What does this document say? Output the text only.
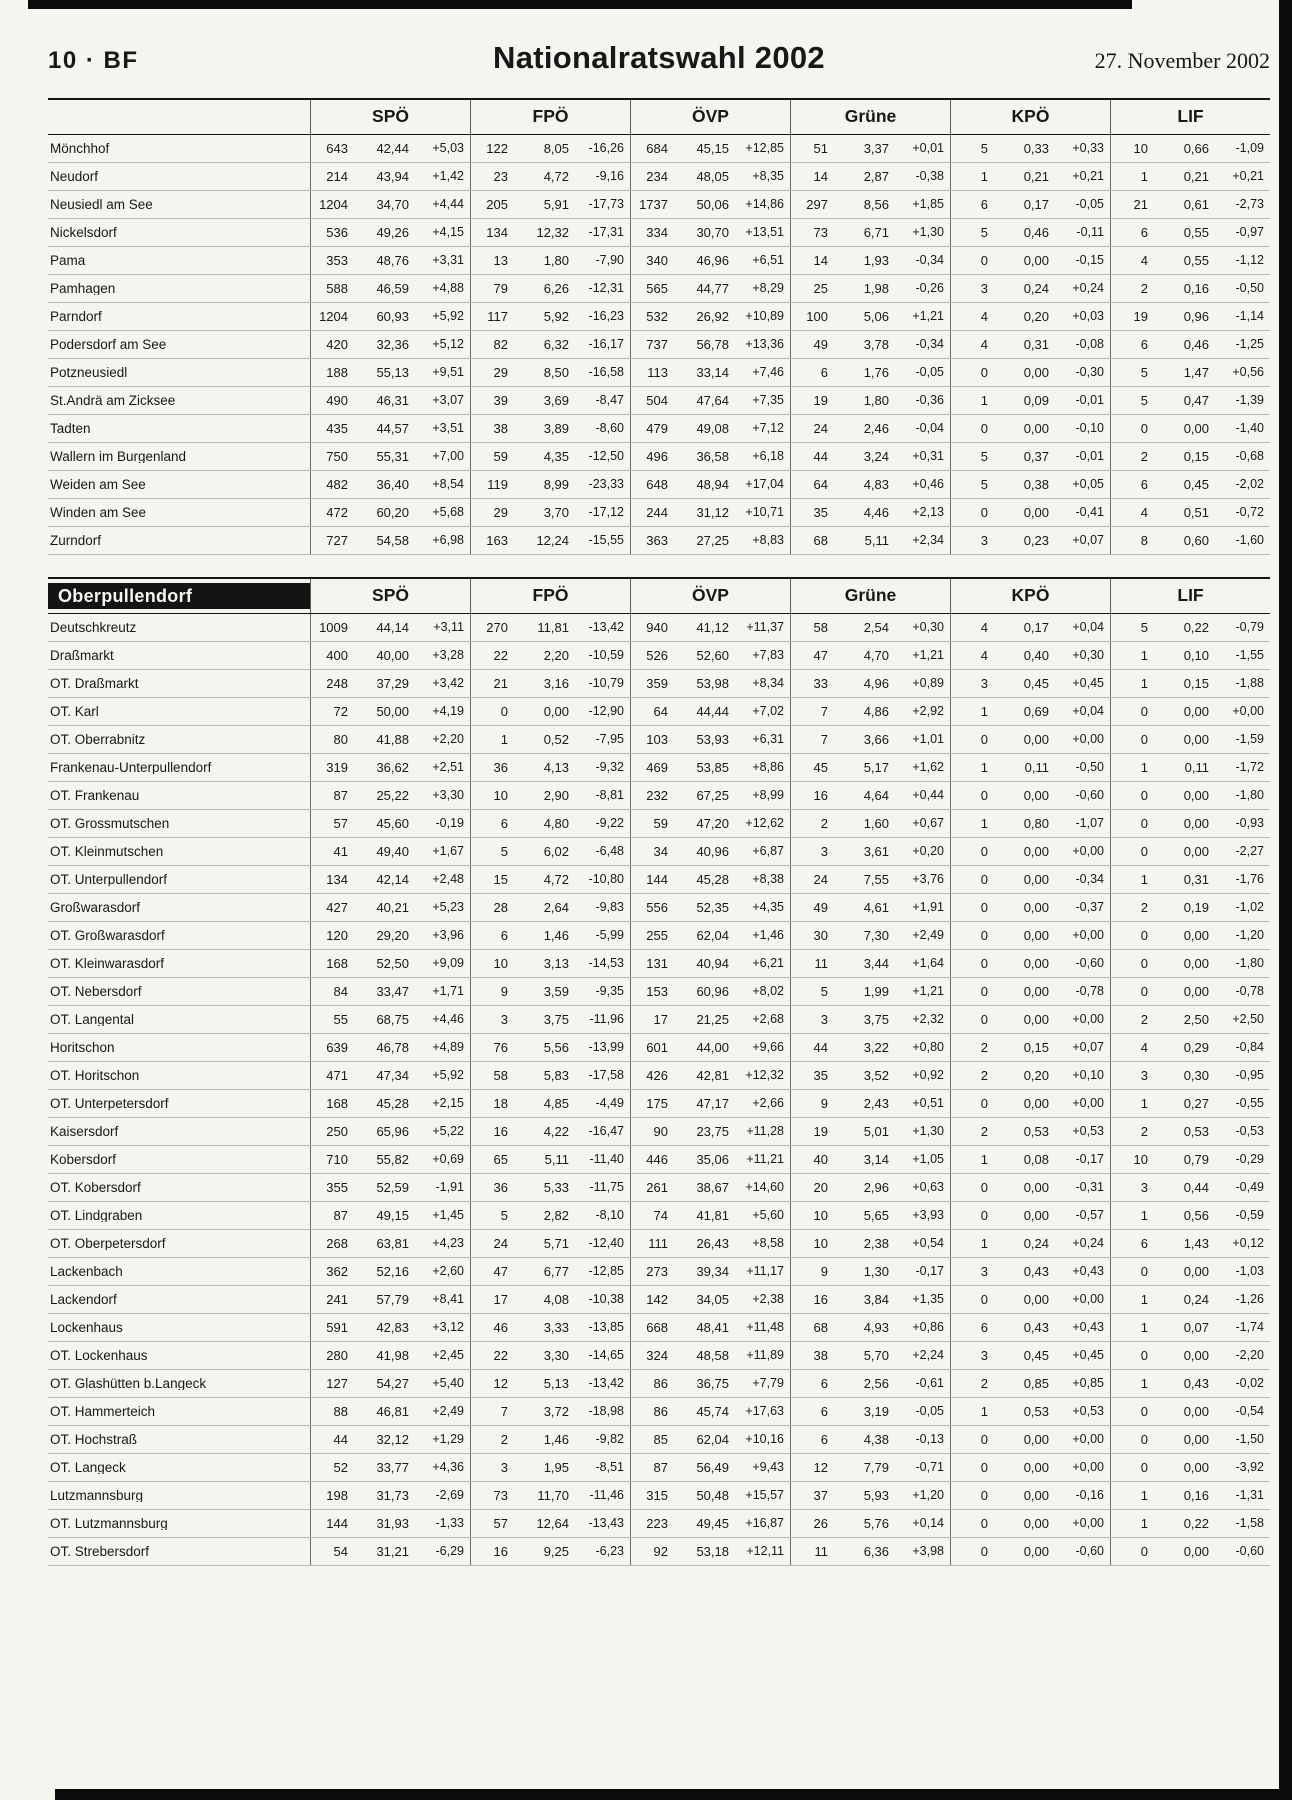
10 · BF	Nationalratswahl 2002	27. November 2002
SPÖ	FPÖ	ÖVP	Grüne	KPÖ	LIF
Mönchhof	643	42,44	+5,03	122	8,05	-16,26	684	45,15	+12,85	51	3,37	+0,01	5	0,33	+0,33	10	0,66	-1,09
Neudorf	214	43,94	+1,42	23	4,72	-9,16	234	48,05	+8,35	14	2,87	-0,38	1	0,21	+0,21	1	0,21	+0,21
Neusiedl am See	1204	34,70	+4,44	205	5,91	-17,73	1737	50,06	+14,86	297	8,56	+1,85	6	0,17	-0,05	21	0,61	-2,73
Nickelsdorf	536	49,26	+4,15	134	12,32	-17,31	334	30,70	+13,51	73	6,71	+1,30	5	0,46	-0,11	6	0,55	-0,97
Pama	353	48,76	+3,31	13	1,80	-7,90	340	46,96	+6,51	14	1,93	-0,34	0	0,00	-0,15	4	0,55	-1,12
Pamhagen	588	46,59	+4,88	79	6,26	-12,31	565	44,77	+8,29	25	1,98	-0,26	3	0,24	+0,24	2	0,16	-0,50
Parndorf	1204	60,93	+5,92	117	5,92	-16,23	532	26,92	+10,89	100	5,06	+1,21	4	0,20	+0,03	19	0,96	-1,14
Podersdorf am See	420	32,36	+5,12	82	6,32	-16,17	737	56,78	+13,36	49	3,78	-0,34	4	0,31	-0,08	6	0,46	-1,25
Potzneusiedl	188	55,13	+9,51	29	8,50	-16,58	113	33,14	+7,46	6	1,76	-0,05	0	0,00	-0,30	5	1,47	+0,56
St.Andrä am Zicksee	490	46,31	+3,07	39	3,69	-8,47	504	47,64	+7,35	19	1,80	-0,36	1	0,09	-0,01	5	0,47	-1,39
Tadten	435	44,57	+3,51	38	3,89	-8,60	479	49,08	+7,12	24	2,46	-0,04	0	0,00	-0,10	0	0,00	-1,40
Wallern im Burgenland	750	55,31	+7,00	59	4,35	-12,50	496	36,58	+6,18	44	3,24	+0,31	5	0,37	-0,01	2	0,15	-0,68
Weiden am See	482	36,40	+8,54	119	8,99	-23,33	648	48,94	+17,04	64	4,83	+0,46	5	0,38	+0,05	6	0,45	-2,02
Winden am See	472	60,20	+5,68	29	3,70	-17,12	244	31,12	+10,71	35	4,46	+2,13	0	0,00	-0,41	4	0,51	-0,72
Zurndorf	727	54,58	+6,98	163	12,24	-15,55	363	27,25	+8,83	68	5,11	+2,34	3	0,23	+0,07	8	0,60	-1,60
Oberpullendorf	SPÖ	FPÖ	ÖVP	Grüne	KPÖ	LIF
Deutschkreutz	1009	44,14	+3,11	270	11,81	-13,42	940	41,12	+11,37	58	2,54	+0,30	4	0,17	+0,04	5	0,22	-0,79
Draßmarkt	400	40,00	+3,28	22	2,20	-10,59	526	52,60	+7,83	47	4,70	+1,21	4	0,40	+0,30	1	0,10	-1,55
OT. Draßmarkt	248	37,29	+3,42	21	3,16	-10,79	359	53,98	+8,34	33	4,96	+0,89	3	0,45	+0,45	1	0,15	-1,88
OT. Karl	72	50,00	+4,19	0	0,00	-12,90	64	44,44	+7,02	7	4,86	+2,92	1	0,69	+0,04	0	0,00	+0,00
OT. Oberrabnitz	80	41,88	+2,20	1	0,52	-7,95	103	53,93	+6,31	7	3,66	+1,01	0	0,00	+0,00	0	0,00	-1,59
Frankenau-Unterpullendorf	319	36,62	+2,51	36	4,13	-9,32	469	53,85	+8,86	45	5,17	+1,62	1	0,11	-0,50	1	0,11	-1,72
OT. Frankenau	87	25,22	+3,30	10	2,90	-8,81	232	67,25	+8,99	16	4,64	+0,44	0	0,00	-0,60	0	0,00	-1,80
OT. Grossmutschen	57	45,60	-0,19	6	4,80	-9,22	59	47,20	+12,62	2	1,60	+0,67	1	0,80	-1,07	0	0,00	-0,93
OT. Kleinmutschen	41	49,40	+1,67	5	6,02	-6,48	34	40,96	+6,87	3	3,61	+0,20	0	0,00	+0,00	0	0,00	-2,27
OT. Unterpullendorf	134	42,14	+2,48	15	4,72	-10,80	144	45,28	+8,38	24	7,55	+3,76	0	0,00	-0,34	1	0,31	-1,76
Großwarasdorf	427	40,21	+5,23	28	2,64	-9,83	556	52,35	+4,35	49	4,61	+1,91	0	0,00	-0,37	2	0,19	-1,02
OT. Großwarasdorf	120	29,20	+3,96	6	1,46	-5,99	255	62,04	+1,46	30	7,30	+2,49	0	0,00	+0,00	0	0,00	-1,20
OT. Kleinwarasdorf	168	52,50	+9,09	10	3,13	-14,53	131	40,94	+6,21	11	3,44	+1,64	0	0,00	-0,60	0	0,00	-1,80
OT. Nebersdorf	84	33,47	+1,71	9	3,59	-9,35	153	60,96	+8,02	5	1,99	+1,21	0	0,00	-0,78	0	0,00	-0,78
OT. Langental	55	68,75	+4,46	3	3,75	-11,96	17	21,25	+2,68	3	3,75	+2,32	0	0,00	+0,00	2	2,50	+2,50
Horitschon	639	46,78	+4,89	76	5,56	-13,99	601	44,00	+9,66	44	3,22	+0,80	2	0,15	+0,07	4	0,29	-0,84
OT. Horitschon	471	47,34	+5,92	58	5,83	-17,58	426	42,81	+12,32	35	3,52	+0,92	2	0,20	+0,10	3	0,30	-0,95
OT. Unterpetersdorf	168	45,28	+2,15	18	4,85	-4,49	175	47,17	+2,66	9	2,43	+0,51	0	0,00	+0,00	1	0,27	-0,55
Kaisersdorf	250	65,96	+5,22	16	4,22	-16,47	90	23,75	+11,28	19	5,01	+1,30	2	0,53	+0,53	2	0,53	-0,53
Kobersdorf	710	55,82	+0,69	65	5,11	-11,40	446	35,06	+11,21	40	3,14	+1,05	1	0,08	-0,17	10	0,79	-0,29
OT. Kobersdorf	355	52,59	-1,91	36	5,33	-11,75	261	38,67	+14,60	20	2,96	+0,63	0	0,00	-0,31	3	0,44	-0,49
OT. Lindgraben	87	49,15	+1,45	5	2,82	-8,10	74	41,81	+5,60	10	5,65	+3,93	0	0,00	-0,57	1	0,56	-0,59
OT. Oberpetersdorf	268	63,81	+4,23	24	5,71	-12,40	111	26,43	+8,58	10	2,38	+0,54	1	0,24	+0,24	6	1,43	+0,12
Lackenbach	362	52,16	+2,60	47	6,77	-12,85	273	39,34	+11,17	9	1,30	-0,17	3	0,43	+0,43	0	0,00	-1,03
Lackendorf	241	57,79	+8,41	17	4,08	-10,38	142	34,05	+2,38	16	3,84	+1,35	0	0,00	+0,00	1	0,24	-1,26
Lockenhaus	591	42,83	+3,12	46	3,33	-13,85	668	48,41	+11,48	68	4,93	+0,86	6	0,43	+0,43	1	0,07	-1,74
OT. Lockenhaus	280	41,98	+2,45	22	3,30	-14,65	324	48,58	+11,89	38	5,70	+2,24	3	0,45	+0,45	0	0,00	-2,20
OT. Glashütten b.Langeck	127	54,27	+5,40	12	5,13	-13,42	86	36,75	+7,79	6	2,56	-0,61	2	0,85	+0,85	1	0,43	-0,02
OT. Hammerteich	88	46,81	+2,49	7	3,72	-18,98	86	45,74	+17,63	6	3,19	-0,05	1	0,53	+0,53	0	0,00	-0,54
OT. Hochstraß	44	32,12	+1,29	2	1,46	-9,82	85	62,04	+10,16	6	4,38	-0,13	0	0,00	+0,00	0	0,00	-1,50
OT. Langeck	52	33,77	+4,36	3	1,95	-8,51	87	56,49	+9,43	12	7,79	-0,71	0	0,00	+0,00	0	0,00	-3,92
Lutzmannsburg	198	31,73	-2,69	73	11,70	-11,46	315	50,48	+15,57	37	5,93	+1,20	0	0,00	-0,16	1	0,16	-1,31
OT. Lutzmannsburg	144	31,93	-1,33	57	12,64	-13,43	223	49,45	+16,87	26	5,76	+0,14	0	0,00	+0,00	1	0,22	-1,58
OT. Strebersdorf	54	31,21	-6,29	16	9,25	-6,23	92	53,18	+12,11	11	6,36	+3,98	0	0,00	-0,60	0	0,00	-0,60
